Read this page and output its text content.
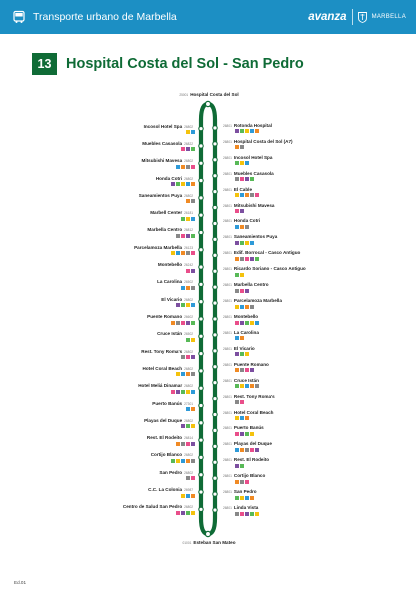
Transporte urbano de Marbella	avanza	MARBELLA
13	Hospital Costa del Sol - San Pedro
25001 Hospital Costa del Sol
01001 Esteban San Mateo
Incosol Hotel Spa 26802
Muebles Casasola 26822
Mitsubishi Mavesa 26802
Honda Cotri 26802
Saneamientos Puya 26802
Marbell Center 26181
Marbella Centro 26812
Parcelamoza Marbella 26123
Montebello 26242
La Carolina 26502
El Vicario 26802
Puente Romano 26602
Cruce Istán 26502
Rest. Tony Roma's 26802
Hotel Coral Beach 26802
Hotel Meliá Dinamar 26802
Puerto Banús 27301
Playas del Duque 26802
Rest. El Rodeito 26814
Cortijo Blanco 26802
San Pedro 26802
C.C. La Colonia 26987
Centro de Salud San Pedro 26802
26801 Rotonda Hospital
26801 Hospital Costa del Sol (A7)
26801 Incosol Hotel Spa
26801 Muebles Casasola
26801 El Cable
26801 Mitsubishi Mavesa
26801 Honda Cotri
26801 Saneamientos Puya
26801 Edif. Borrocal - Casco Antiguo
26801 Ricardo Soriano - Casco Antiguo
26801 Marbella Centro
26801 Parcelamoza Marbella
26801 Montebello
26801 La Carolina
26801 El Vicario
26801 Puente Romano
26801 Cruce Istán
26801 Rest. Tony Roma's
26801 Hotel Coral Beach
26801 Puerto Banús
26801 Playas del Duque
26801 Rest. El Rodeito
26801 Cortijo Blanco
26801 San Pedro
26801 Linda Vista
Ed.01
